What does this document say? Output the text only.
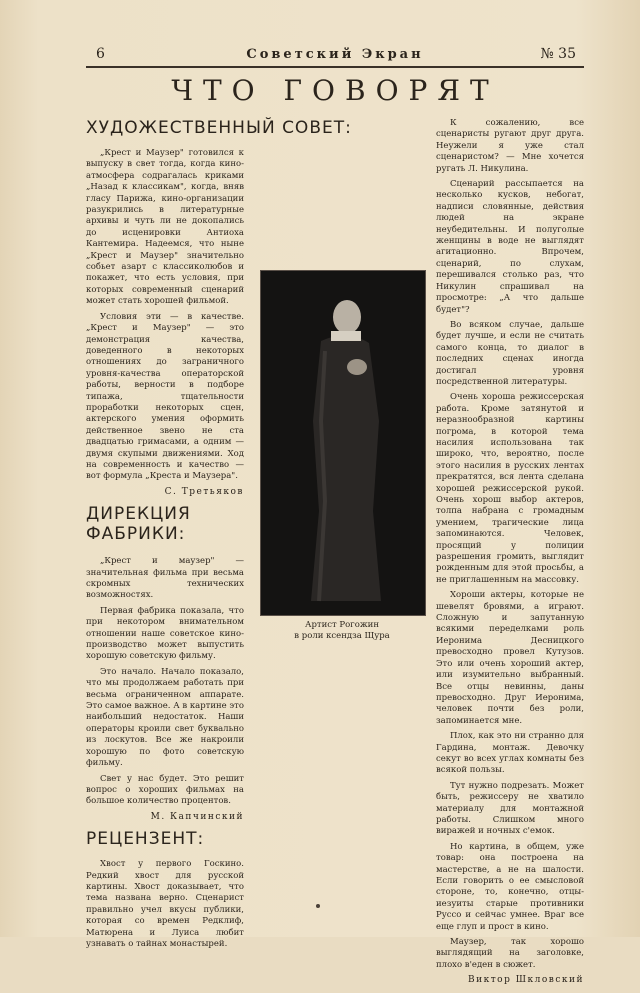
6	Советский Экран	№ 35
ЧТО ГОВОРЯТ
ХУДОЖЕСТВЕННЫЙ СОВЕТ:

„Крест и Маузер" готовился к выпуску в свет тогда, когда кино-атмосфера содрагалась криками „Назад к классикам", когда, вняв гласу Парижа, кино-организации разукрились в литературные архивы и чуть ли не докопались до исценировки Антиоха Кантемира. Надеемся, что ныне „Крест и Маузер" значительно собьет азарт с классиколюбов и покажет, что есть условия, при которых современный сценарий может стать хорошей фильмой.

Условия эти — в качестве. „Крест и Маузер" — это демонстрация качества, доведенного в некоторых отношениях до заграничного уровня-качества операторской работы, верности в подборе типажа, тщательности проработки некоторых сцен, актерского умения оформить действенное звено не ста двадцатью гримасами, а одним — двумя скупыми движениями. Ход на современность и качество — вот формула „Креста и Маузера".

С. Третьяков
ДИРЕКЦИЯ
ФАБРИКИ:

„Крест и маузер" — значительная фильма при весьма скромных технических возможностях.

Первая фабрика показала, что при некотором внимательном отношении наше советское кино-производство может выпустить хорошую советскую фильму.

Это начало. Начало показало, что мы продолжаем работать при весьма ограниченном аппарате. Это самое важное. А в картине это наибольший недостаток. Наши операторы кроили свет буквально из лоскутов. Все же накроили хорошую по фото советскую фильму.

Свет у нас будет. Это решит вопрос о хороших фильмах на большое количество процентов.

М. Капчинский
РЕЦЕНЗЕНТ:

Хвост у первого Госкино. Редкий хвост для русской картины. Хвост доказывает, что тема названа верно. Сценарист правильно учел вкусы публики, которая со времен Редклиф, Матюрена и Луиса любит узнавать о тайнах монастырей.

Артист Рогожин
в роли ксендза Щура

К сожалению, все сценаристы ругают друг друга. Неужели я уже стал сценаристом? — Мне хочется ругать Л. Никулина.

Сценарий рассыпается на несколько кусков, небогат, надписи словянные, действия людей на экране неубедительны. И полуголые женщины в воде не выглядят агитационно. Впрочем, сценарий, по слухам, перешивался столько раз, что Никулин спрашивал на просмотре: „А что дальше будет"?

Во всяком случае, дальше будет лучше, и если не считать самого конца, то диалог в последних сценах иногда достигал уровня посредственной литературы.

Очень хороша режиссерская работа. Кроме затянутой и неразнообразной картины погрома, в которой тема насилия использована так широко, что, вероятно, после этого насилия в русских лентах прекратятся, вся лента сделана хорошей режиссерской рукой. Очень хорош выбор актеров, толпа набрана с громадным умением, трагические лица запоминаются. Человек, просящий у полиции разрешения громить, выглядит рожденным для этой просьбы, а не приглашенным на массовку.

Хороши актеры, которые не шевелят бровями, а играют. Сложную и запутанную всякими переделками роль Иеронима Десницкого превосходно провел Кутузов. Это или очень хороший актер, или изумительно выбранный. Все отцы невинны, даны превосходно. Друг Иеронима, человек почти без роли, запоминается мне.

Плох, как это ни странно для Гардина, монтаж. Девочку секут во всех углах комнаты без всякой пользы.

Тут нужно подрезать. Может быть, режиссеру не хватило материалу для монтажной работы. Слишком много виражей и ночных с'емок.

Но картина, в общем, уже товар: она построена на мастерстве, а не на шалости. Если говорить о ее смысловой стороне, то, конечно, отцы-иезуиты старые противники Руссо и сейчас умнее. Враг все еще глуп и прост в кино.

Маузер, так хорошо выглядящий на заголовке, плохо в'еден в сюжет.

Виктор Шкловский
